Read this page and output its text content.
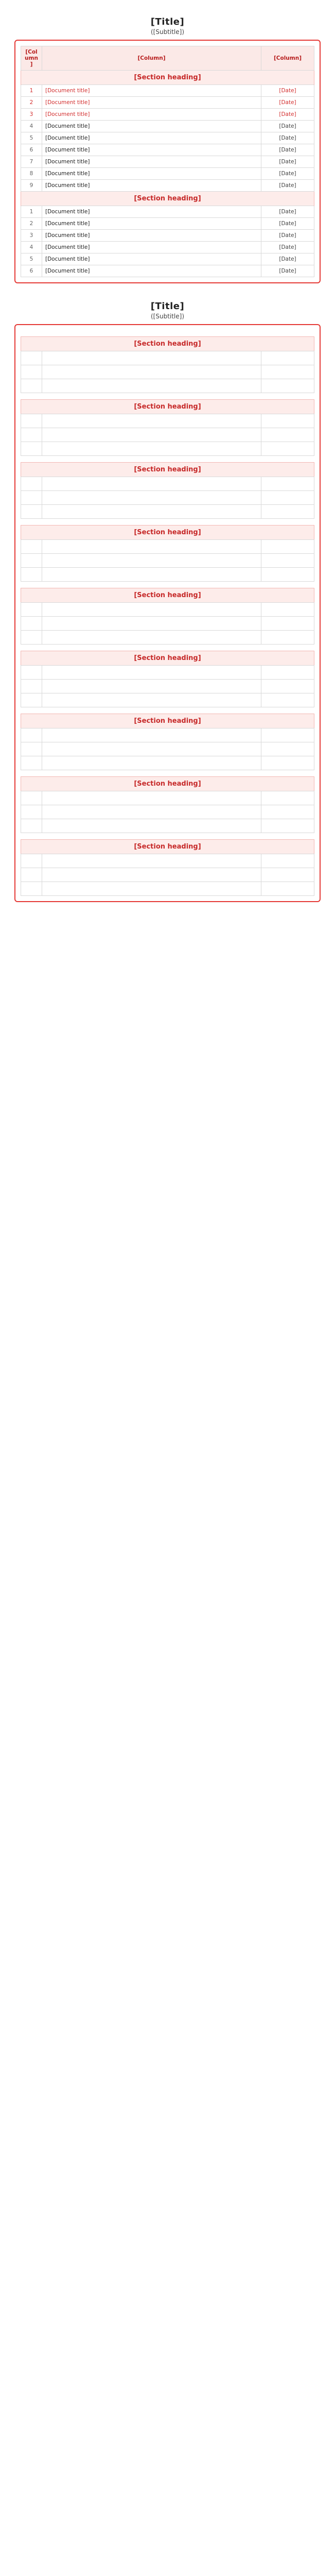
[Title]
([Subtitle])
[Column]	[Column]	[Column]
[Section heading]		
1	[Document title]	[Date]
2	[Document title]	[Date]
3	[Document title]	[Date]
4	[Document title]	[Date]
5	[Document title]	[Date]
6	[Document title]	[Date]
7	[Document title]	[Date]
8	[Document title]	[Date]
9	[Document title]	[Date]
[Section heading]		
1	[Document title]	[Date]
2	[Document title]	[Date]
3	[Document title]	[Date]
4	[Document title]	[Date]
5	[Document title]	[Date]
6	[Document title]	[Date]
[Title]
([Subtitle])
[Section heading]

[Section heading]

[Section heading]

[Section heading]

[Section heading]

[Section heading]

[Section heading]

[Section heading]

[Section heading]
